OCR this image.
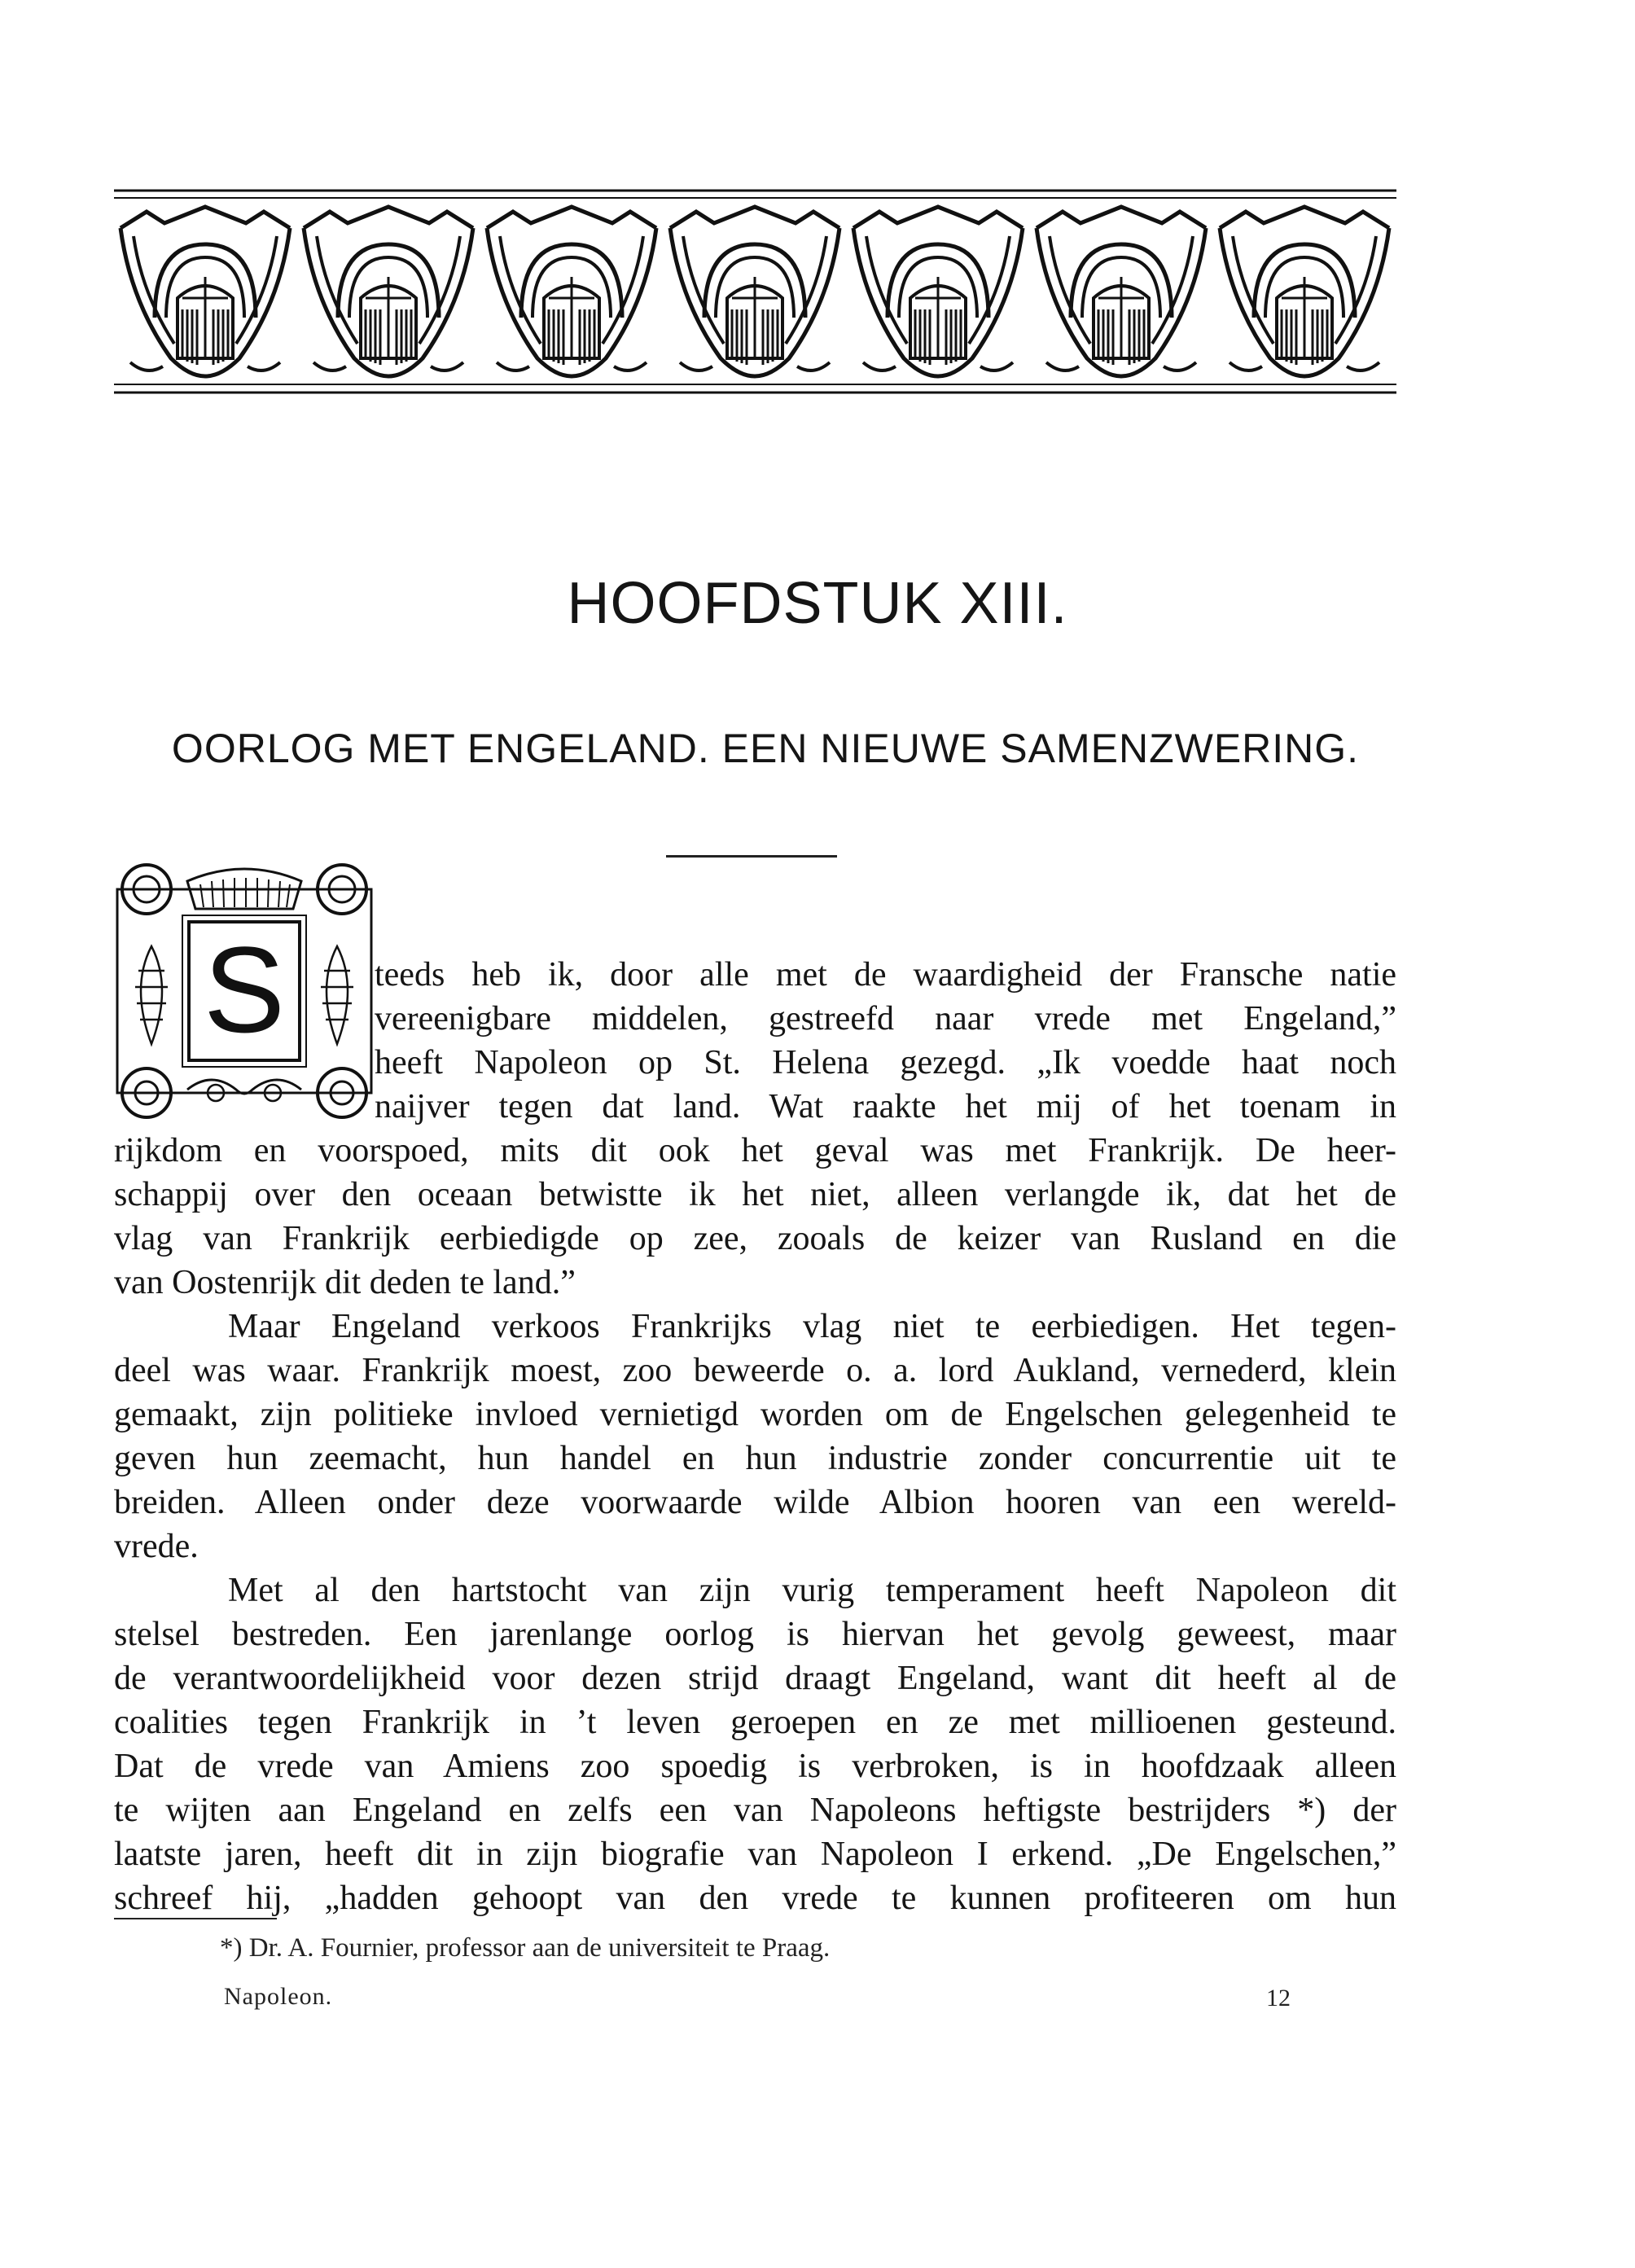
HOOFDSTUK XIII.
OORLOG MET ENGELAND. EEN NIEUWE SAMENZWERING.
S	teeds heb ik, door alle met de waardigheid der Fransche natie
vereenigbare middelen, gestreefd naar vrede met Engeland,”
heeft Napoleon op St. Helena gezegd. „Ik voedde haat noch
naijver tegen dat land. Wat raakte het mij of het toenam in
rijkdom en voorspoed, mits dit ook het geval was met Frankrijk. De heer-
schappij over den oceaan betwistte ik het niet, alleen verlangde ik, dat het de
vlag van Frankrijk eerbiedigde op zee, zooals de keizer van Rusland en die
van Oostenrijk dit deden te land.”
Maar Engeland verkoos Frankrijks vlag niet te eerbiedigen. Het tegen-
deel was waar. Frankrijk moest, zoo beweerde o. a. lord Aukland, vernederd, klein
gemaakt, zijn politieke invloed vernietigd worden om de Engelschen gelegenheid te
geven hun zeemacht, hun handel en hun industrie zonder concurrentie uit te
breiden. Alleen onder deze voorwaarde wilde Albion hooren van een wereld-
vrede.
Met al den hartstocht van zijn vurig temperament heeft Napoleon dit
stelsel bestreden. Een jarenlange oorlog is hiervan het gevolg geweest, maar
de verantwoordelijkheid voor dezen strijd draagt Engeland, want dit heeft al de
coalities tegen Frankrijk in ’t leven geroepen en ze met millioenen gesteund.
Dat de vrede van Amiens zoo spoedig is verbroken, is in hoofdzaak alleen
te wijten aan Engeland en zelfs een van Napoleons heftigste bestrijders *) der
laatste jaren, heeft dit in zijn biografie van Napoleon I erkend. „De Engelschen,”
schreef hij, „hadden gehoopt van den vrede te kunnen profiteeren om hun
*) Dr. A. Fournier, professor aan de universiteit te Praag.
Napoleon.	12
